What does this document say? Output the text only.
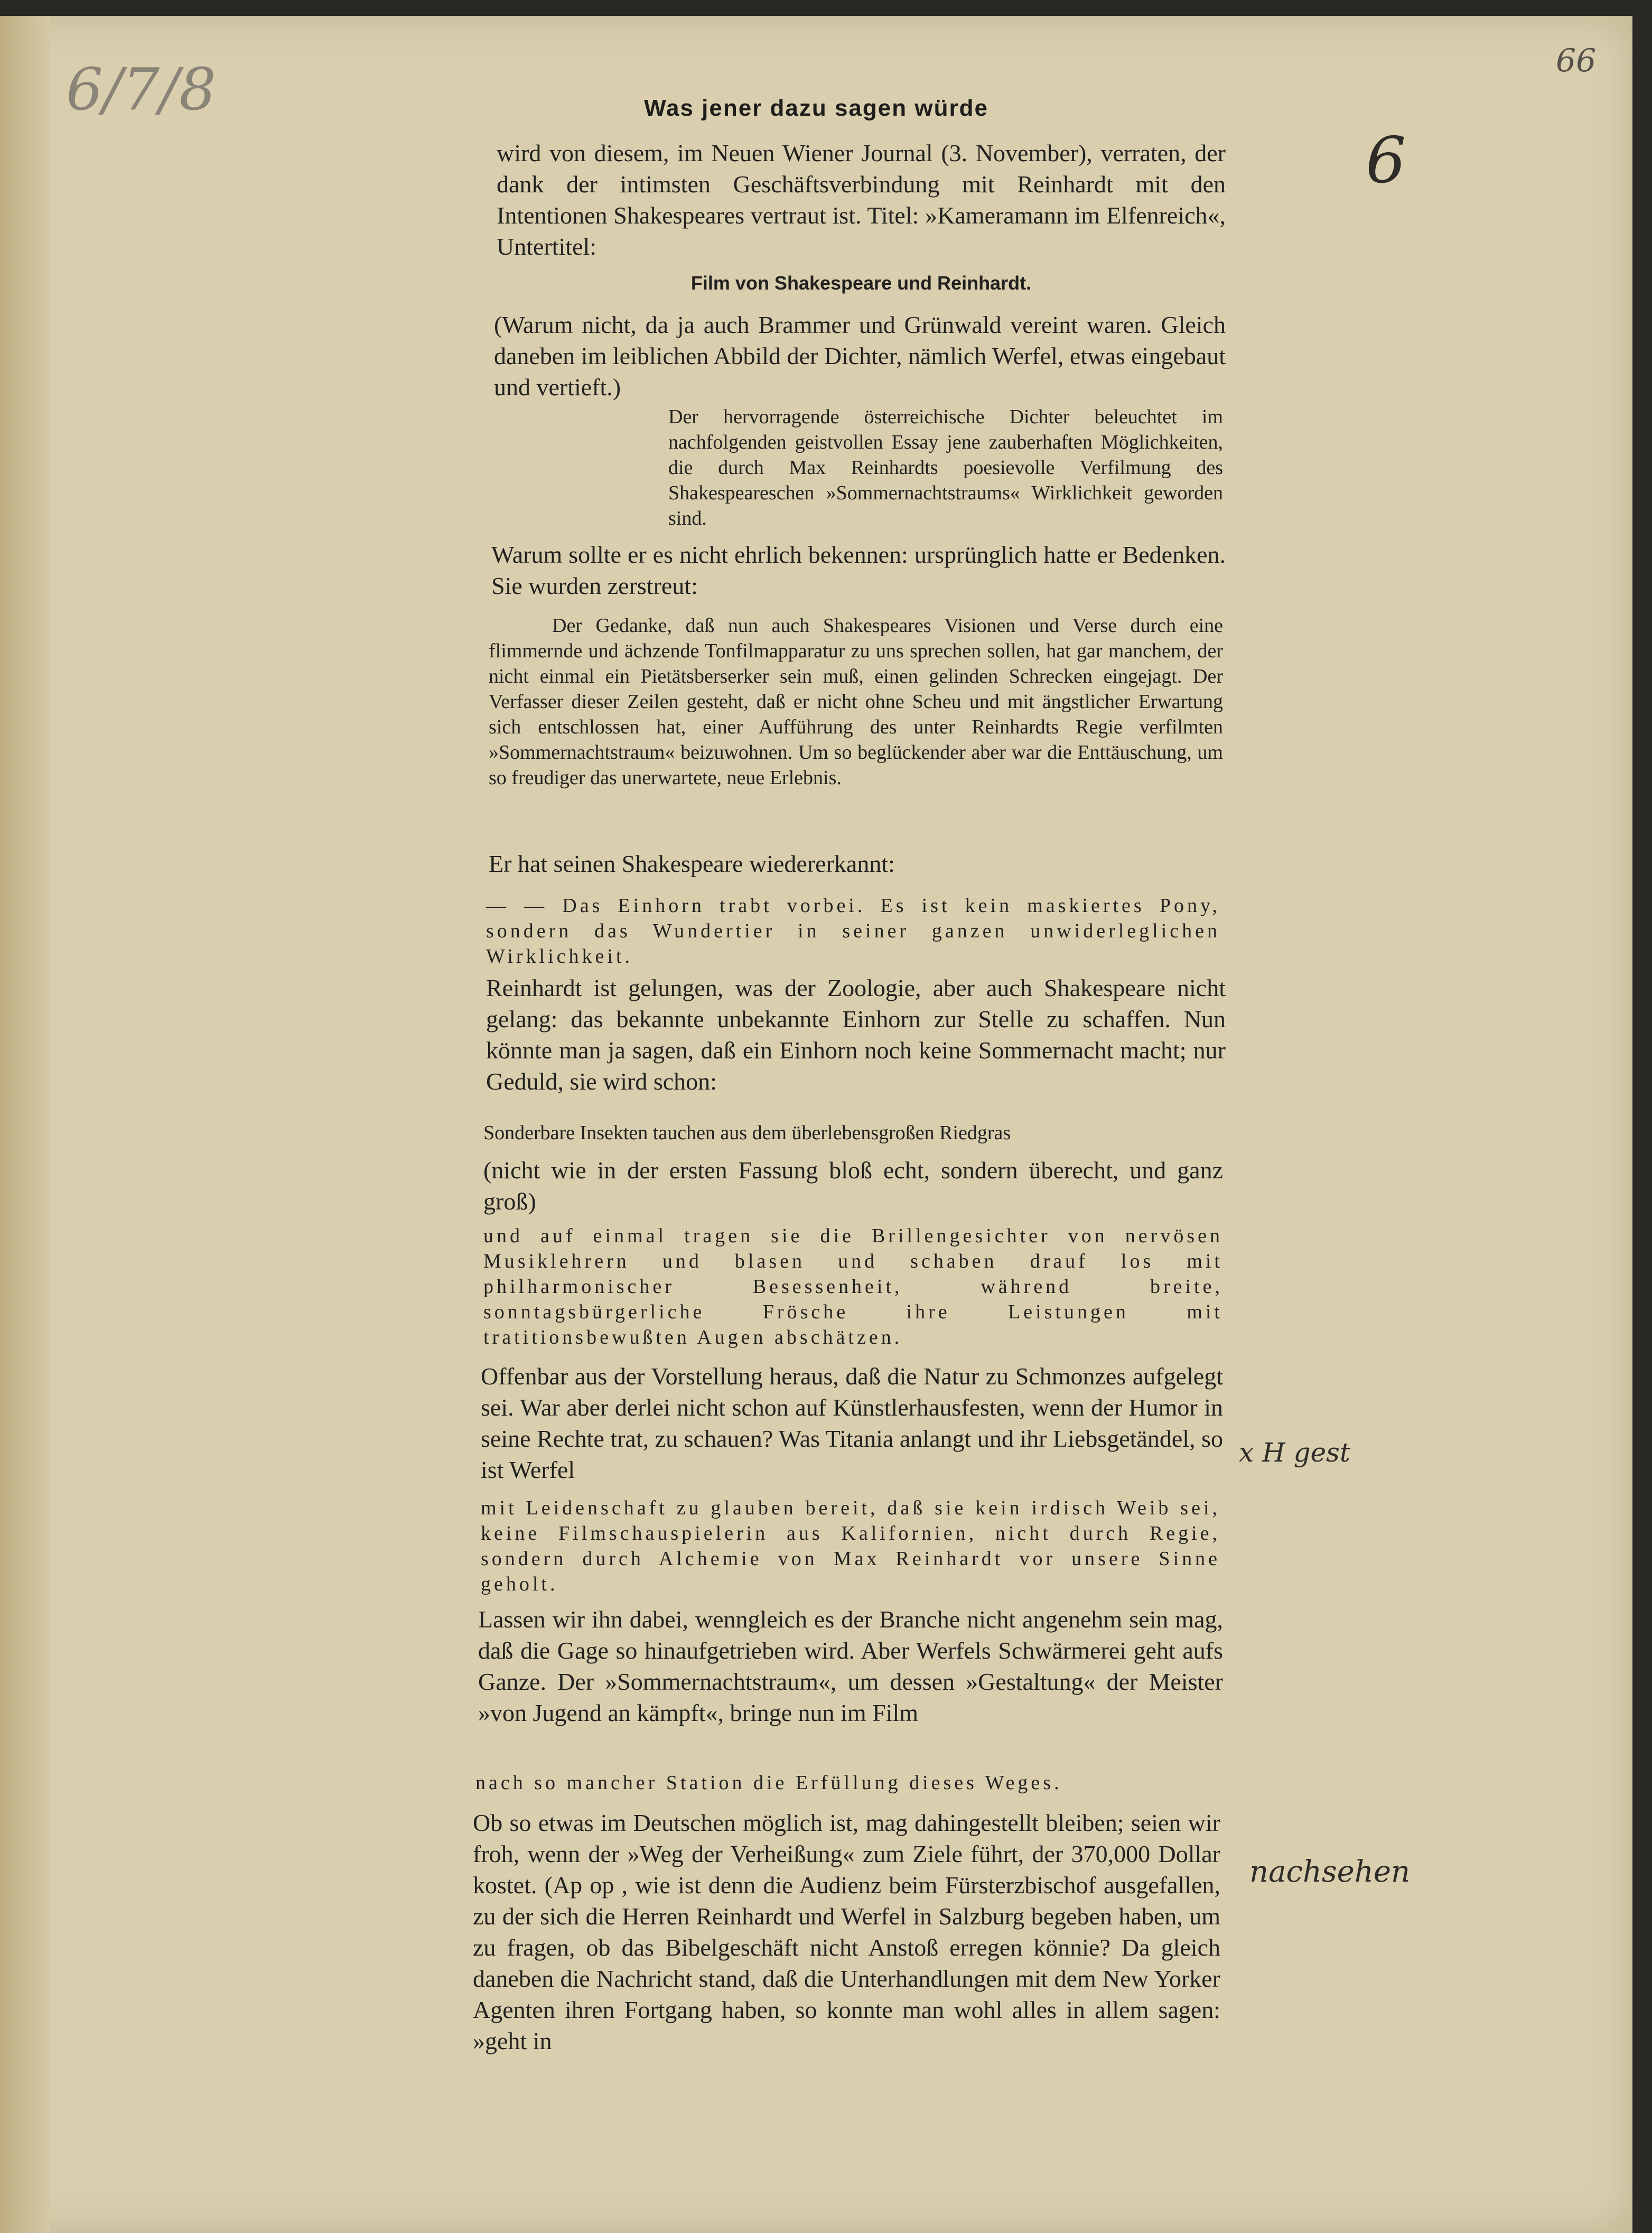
6/7/8	66
6
x H gest
nachsehen
Was jener dazu sagen würde
wird von diesem, im Neuen Wiener Journal (3. November), verraten, der dank der intimsten Geschäftsverbindung mit Reinhardt mit den Intentionen Shakespeares vertraut ist. Titel: »Kameramann im Elfenreich«, Untertitel:
Film von Shakespeare und Reinhardt.
(Warum nicht, da ja auch Brammer und Grünwald vereint waren. Gleich daneben im leiblichen Abbild der Dichter, nämlich Werfel, etwas eingebaut und vertieft.)
Der hervorragende österreichische Dichter beleuchtet im nachfolgenden geistvollen Essay jene zauberhaften Möglichkeiten, die durch Max Reinhardts poesievolle Verfilmung des Shakespeareschen »Sommernachtstraums« Wirklichkeit geworden sind.
Warum sollte er es nicht ehrlich bekennen: ursprünglich hatte er Bedenken. Sie wurden zerstreut:
Der Gedanke, daß nun auch Shakespeares Visionen und Verse durch eine flimmernde und ächzende Tonfilmapparatur zu uns sprechen sollen, hat gar manchem, der nicht einmal ein Pietätsberserker sein muß, einen gelinden Schrecken eingejagt. Der Verfasser dieser Zeilen gesteht, daß er nicht ohne Scheu und mit ängstlicher Erwartung sich entschlossen hat, einer Aufführung des unter Reinhardts Regie verfilmten »Sommernachtstraum« beizuwohnen. Um so beglückender aber war die Enttäuschung, um so freudiger das unerwartete, neue Erlebnis.
Er hat seinen Shakespeare wiedererkannt:
— — Das Einhorn trabt vorbei. Es ist kein maskiertes Pony, sondern das Wundertier in seiner ganzen unwiderleglichen Wirklichkeit.
Reinhardt ist gelungen, was der Zoologie, aber auch Shakespeare nicht gelang: das bekannte unbekannte Einhorn zur Stelle zu schaffen. Nun könnte man ja sagen, daß ein Einhorn noch keine Sommernacht macht; nur Geduld, sie wird schon:
Sonderbare Insekten tauchen aus dem überlebensgroßen Riedgras
(nicht wie in der ersten Fassung bloß echt, sondern überecht, und ganz groß)
und auf einmal tragen sie die Brillengesichter von nervösen Musiklehrern und blasen und schaben drauf los mit philharmonischer Besessenheit, während breite, sonntagsbürgerliche Frösche ihre Leistungen mit tratitionsbewußten Augen abschätzen.
Offenbar aus der Vorstellung heraus, daß die Natur zu Schmonzes aufgelegt sei. War aber derlei nicht schon auf Künstlerhausfesten, wenn der Humor in seine Rechte trat, zu schauen? Was Titania anlangt und ihr Liebsgetändel, so ist Werfel
mit Leidenschaft zu glauben bereit, daß sie kein irdisch Weib sei, keine Filmschauspielerin aus Kalifornien, nicht durch Regie, sondern durch Alchemie von Max Reinhardt vor unsere Sinne geholt.
Lassen wir ihn dabei, wenngleich es der Branche nicht angenehm sein mag, daß die Gage so hinaufgetrieben wird. Aber Werfels Schwärmerei geht aufs Ganze. Der »Sommernachtstraum«, um dessen »Gestaltung« der Meister »von Jugend an kämpft«, bringe nun im Film
nach so mancher Station die Erfüllung dieses Weges.
Ob so etwas im Deutschen möglich ist, mag dahingestellt bleiben; seien wir froh, wenn der »Weg der Verheißung« zum Ziele führt, der 370,000 Dollar kostet. (Ap op , wie ist denn die Audienz beim Fürsterzbischof ausgefallen, zu der sich die Herren Reinhardt und Werfel in Salzburg begeben haben, um zu fragen, ob das Bibelgeschäft nicht Anstoß erregen könnie? Da gleich daneben die Nachricht stand, daß die Unterhandlungen mit dem New Yorker Agenten ihren Fortgang haben, so konnte man wohl alles in allem sagen: »geht in
